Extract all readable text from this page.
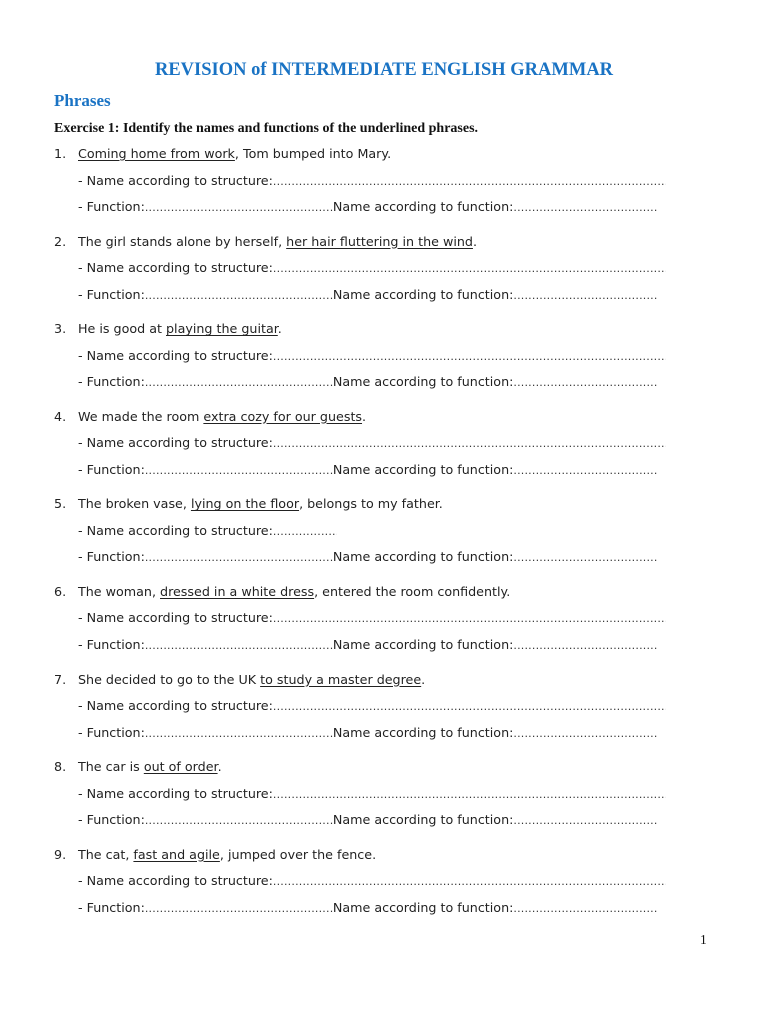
REVISION of INTERMEDIATE ENGLISH GRAMMAR
Phrases

Exercise 1: Identify the names and functions of the underlined phrases.

1. Coming home from work, Tom bumped into Mary.
- Name according to structure:
.....
- Function: .....	Name according to function:
.....
2. The girl stands alone by herself, her hair fluttering in the wind.
- Name according to structure:
.....
- Function: .....	Name according to function:
.....
3. He is good at playing the guitar.
- Name according to structure:
.....
- Function: .....	Name according to function:
.....
4. We made the room extra cozy for our guests.
- Name according to structure:
.....
- Function: .....	Name according to function:
.....
5. The broken vase, lying on the floor, belongs to my father.
- Name according to structure:
.....
- Function: .....	Name according to function:
.....
6. The woman, dressed in a white dress, entered the room confidently.
- Name according to structure:
.....
- Function: .....	Name according to function:
.....
7. She decided to go to the UK to study a master degree.
- Name according to structure:
.....
- Function: .....	Name according to function:
.....
8. The car is out of order.
- Name according to structure:
.....
- Function: .....	Name according to function:
.....
9. The cat, fast and agile, jumped over the fence.
- Name according to structure:
.....
- Function: .....	Name according to function:
.....
1
